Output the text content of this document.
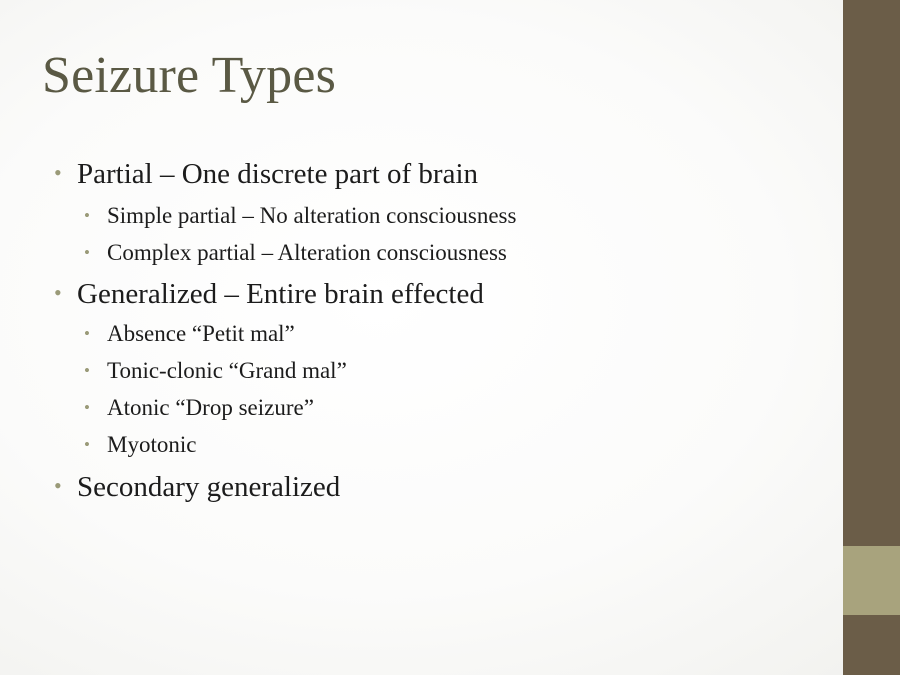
Seizure Types
• Partial – One discrete part of brain
• Simple partial – No alteration consciousness
• Complex partial – Alteration consciousness
• Generalized – Entire brain effected
• Absence “Petit mal”
• Tonic-clonic “Grand mal”
• Atonic “Drop seizure”
• Myotonic
• Secondary generalized
